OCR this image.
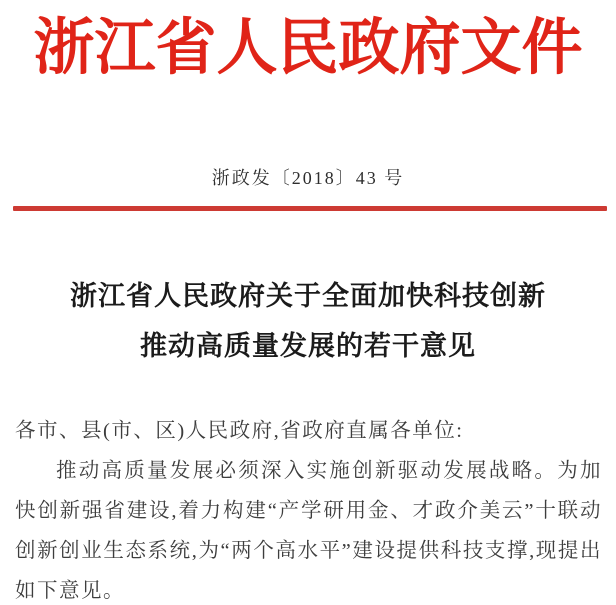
浙江省人民政府文件
浙政发〔2018〕43 号
浙江省人民政府关于全面加快科技创新
推动高质量发展的若干意见

各市、县(市、区)人民政府,省政府直属各单位:

推动高质量发展必须深入实施创新驱动发展战略。为加快创新强省建设,着力构建“产学研用金、才政介美云”十联动创新创业生态系统,为“两个高水平”建设提供科技支撑,现提出如下意见。
